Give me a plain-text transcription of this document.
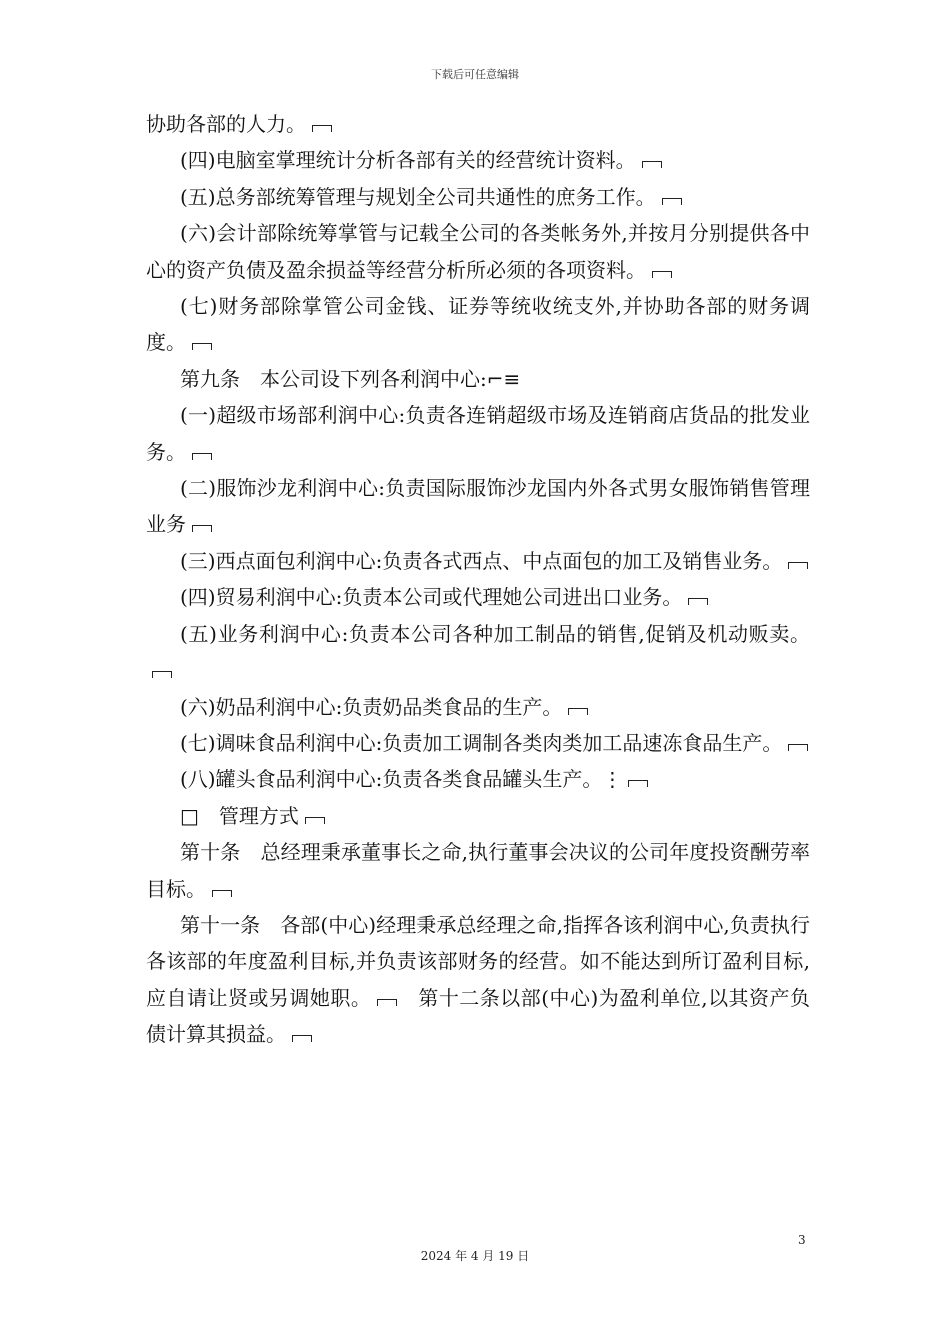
下载后可任意编辑

协助各部的人力。

(四)电脑室掌理统计分析各部有关的经营统计资料。

(五)总务部统筹管理与规划全公司共通性的庶务工作。

(六)会计部除统筹掌管与记载全公司的各类帐务外,并按月分别提供各中心的资产负债及盈余损益等经营分析所必须的各项资料。

(七)财务部除掌管公司金钱、证券等统收统支外,并协助各部的财务调度。

第九条　本公司设下列各利润中心:⌐≡

(一)超级市场部利润中心:负责各连销超级市场及连销商店货品的批发业务。

(二)服饰沙龙利润中心:负责国际服饰沙龙国内外各式男女服饰销售管理业务

(三)西点面包利润中心:负责各式西点、中点面包的加工及销售业务。

(四)贸易利润中心:负责本公司或代理她公司进出口业务。

(五)业务利润中心:负责本公司各种加工制品的销售,促销及机动贩卖。

(六)奶品利润中心:负责奶品类食品的生产。

(七)调味食品利润中心:负责加工调制各类肉类加工品速冻食品生产。

(八)罐头食品利润中心:负责各类食品罐头生产。⋮

□　管理方式

第十条　总经理秉承董事长之命,执行董事会决议的公司年度投资酬劳率目标。

第十一条　各部(中心)经理秉承总经理之命,指挥各该利润中心,负责执行各该部的年度盈利目标,并负责该部财务的经营。如不能达到所订盈利目标,应自请让贤或另调她职。　 第十二条以部(中心)为盈利单位,以其资产负债计算其损益。

3
2024 年 4 月 19 日
